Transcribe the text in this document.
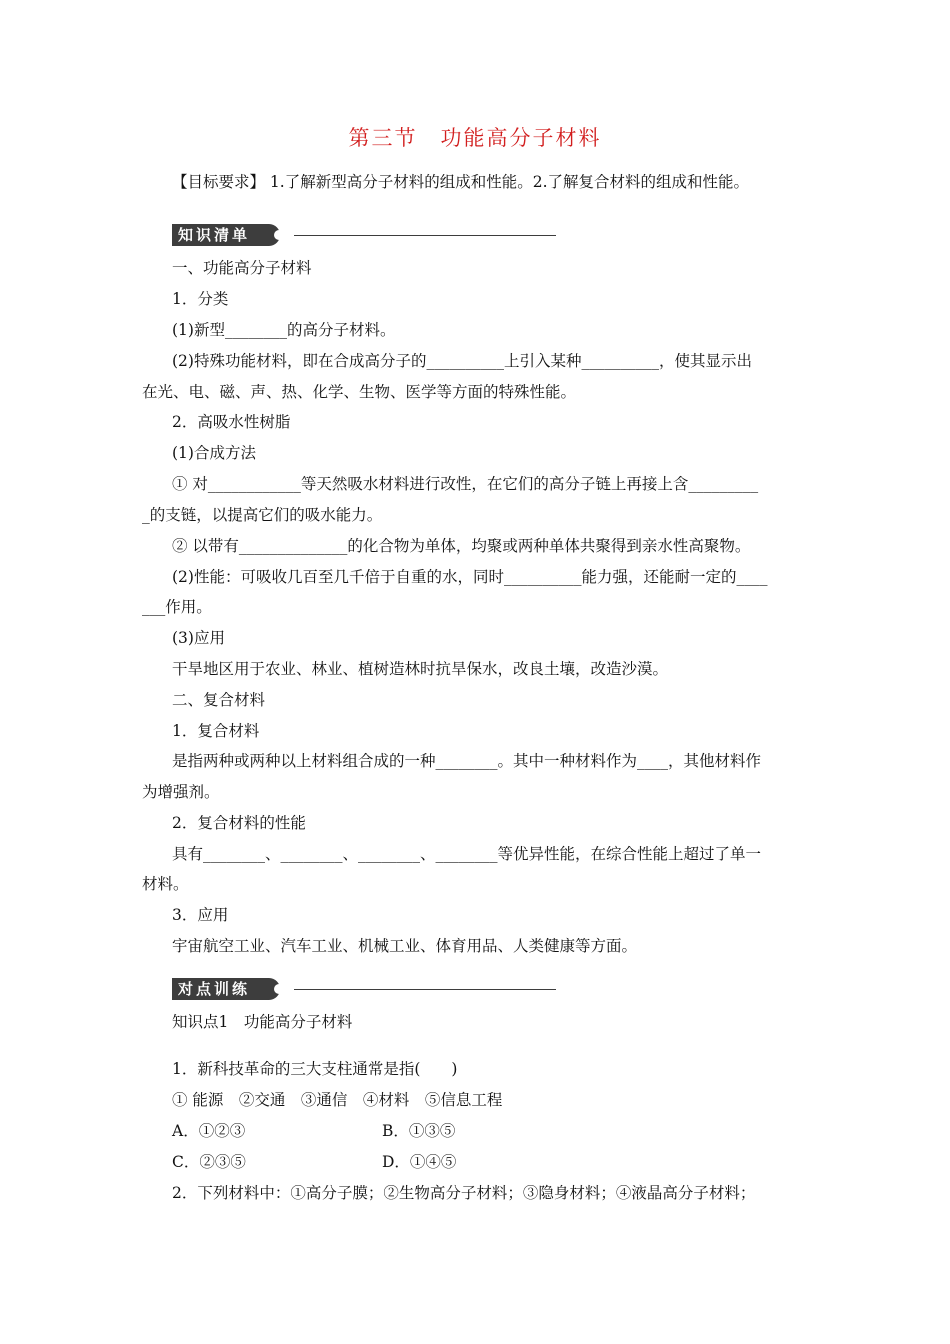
第三节　功能高分子材料
【目标要求】 1.了解新型高分子材料的组成和性能。2.了解复合材料的组成和性能。
知识清单
一、功能高分子材料
1．分类
(1)新型________的高分子材料。
(2)特殊功能材料，即在合成高分子的__________上引入某种__________，使其显示出
在光、电、磁、声、热、化学、生物、医学等方面的特殊性能。
2．高吸水性树脂
(1)合成方法
① 对____________等天然吸水材料进行改性，在它们的高分子链上再接上含_________
_的支链，以提高它们的吸水能力。
② 以带有______________的化合物为单体，均聚或两种单体共聚得到亲水性高聚物。
(2)性能：可吸收几百至几千倍于自重的水，同时__________能力强，还能耐一定的____
___作用。
(3)应用
干旱地区用于农业、林业、植树造林时抗旱保水，改良土壤，改造沙漠。
二、复合材料
1．复合材料
是指两种或两种以上材料组合成的一种________。其中一种材料作为____，其他材料作
为增强剂。
2．复合材料的性能
具有________、________、________、________等优异性能，在综合性能上超过了单一
材料。
3．应用
宇宙航空工业、汽车工业、机械工业、体育用品、人类健康等方面。
对点训练
知识点1　功能高分子材料
1．新科技革命的三大支柱通常是指(　　)
① 能源　②交通　③通信　④材料　⑤信息工程
A．①②③	B．①③⑤
C．②③⑤	D．①④⑤
2．下列材料中：①高分子膜；②生物高分子材料；③隐身材料；④液晶高分子材料；
